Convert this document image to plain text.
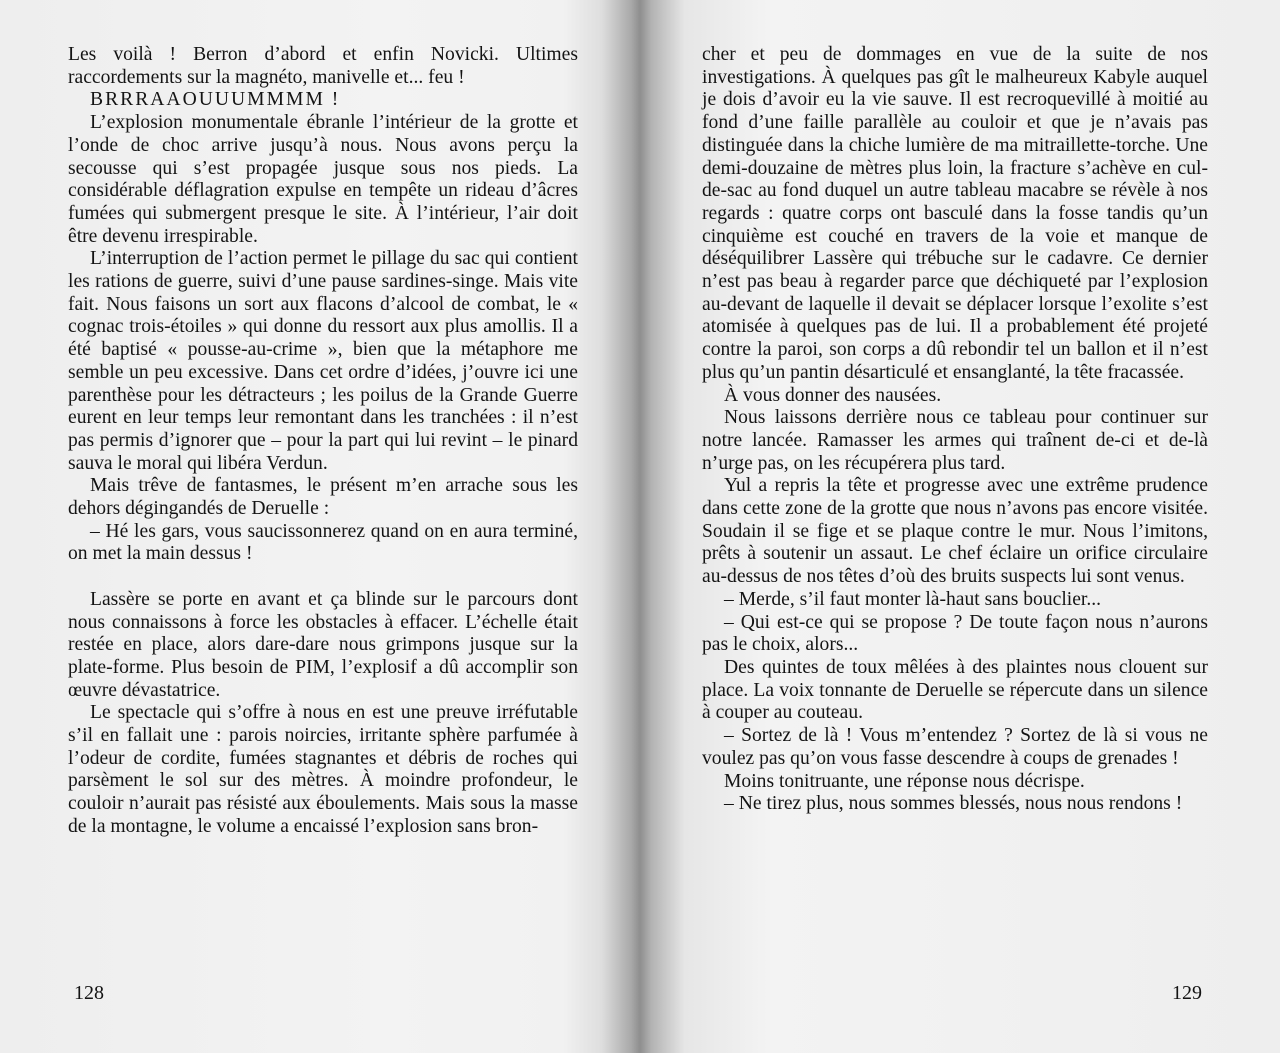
Les voilà ! Berron d’abord et enfin Novicki. Ultimes raccordements sur la magnéto, manivelle et... feu !

BRRRAAOUUUMMMM !

L’explosion monumentale ébranle l’intérieur de la grotte et l’onde de choc arrive jusqu’à nous. Nous avons perçu la secousse qui s’est propagée jusque sous nos pieds. La considérable déflagration expulse en tempête un rideau d’âcres fumées qui submergent presque le site. À l’intérieur, l’air doit être devenu irrespirable.

L’interruption de l’action permet le pillage du sac qui contient les rations de guerre, suivi d’une pause sardines-singe. Mais vite fait. Nous faisons un sort aux flacons d’alcool de combat, le « cognac trois-étoiles » qui donne du ressort aux plus amollis. Il a été baptisé « pousse-au-crime », bien que la métaphore me semble un peu excessive. Dans cet ordre d’idées, j’ouvre ici une parenthèse pour les détracteurs ; les poilus de la Grande Guerre eurent en leur temps leur remontant dans les tranchées : il n’est pas permis d’ignorer que – pour la part qui lui revint – le pinard sauva le moral qui libéra Verdun.

Mais trêve de fantasmes, le présent m’en arrache sous les dehors dégingandés de Deruelle :

– Hé les gars, vous saucissonnerez quand on en aura terminé, on met la main dessus !

Lassère se porte en avant et ça blinde sur le parcours dont nous connaissons à force les obstacles à effacer. L’échelle était restée en place, alors dare-dare nous grimpons jusque sur la plate-forme. Plus besoin de PIM, l’explosif a dû accomplir son œuvre dévastatrice.

Le spectacle qui s’offre à nous en est une preuve irréfutable s’il en fallait une : parois noircies, irritante sphère parfumée à l’odeur de cordite, fumées stagnantes et débris de roches qui parsèment le sol sur des mètres. À moindre profondeur, le couloir n’aurait pas résisté aux éboulements. Mais sous la masse de la montagne, le volume a encaissé l’explosion sans bron-

128

cher et peu de dommages en vue de la suite de nos investigations. À quelques pas gît le malheureux Kabyle auquel je dois d’avoir eu la vie sauve. Il est recroquevillé à moitié au fond d’une faille parallèle au couloir et que je n’avais pas distinguée dans la chiche lumière de ma mitraillette-torche. Une demi-douzaine de mètres plus loin, la fracture s’achève en cul-de-sac au fond duquel un autre tableau macabre se révèle à nos regards : quatre corps ont basculé dans la fosse tandis qu’un cinquième est couché en travers de la voie et manque de déséquilibrer Lassère qui trébuche sur le cadavre. Ce dernier n’est pas beau à regarder parce que déchiqueté par l’explosion au-devant de laquelle il devait se déplacer lorsque l’exolite s’est atomisée à quelques pas de lui. Il a probablement été projeté contre la paroi, son corps a dû rebondir tel un ballon et il n’est plus qu’un pantin désarticulé et ensanglanté, la tête fracassée.

À vous donner des nausées.

Nous laissons derrière nous ce tableau pour continuer sur notre lancée. Ramasser les armes qui traînent de-ci et de-là n’urge pas, on les récupérera plus tard.

Yul a repris la tête et progresse avec une extrême prudence dans cette zone de la grotte que nous n’avons pas encore visitée. Soudain il se fige et se plaque contre le mur. Nous l’imitons, prêts à soutenir un assaut. Le chef éclaire un orifice circulaire au-dessus de nos têtes d’où des bruits suspects lui sont venus.

– Merde, s’il faut monter là-haut sans bouclier...

– Qui est-ce qui se propose ? De toute façon nous n’aurons pas le choix, alors...

Des quintes de toux mêlées à des plaintes nous clouent sur place. La voix tonnante de Deruelle se répercute dans un silence à couper au couteau.

– Sortez de là ! Vous m’entendez ? Sortez de là si vous ne voulez pas qu’on vous fasse descendre à coups de grenades !

Moins tonitruante, une réponse nous décrispe.

– Ne tirez plus, nous sommes blessés, nous nous rendons !

129
